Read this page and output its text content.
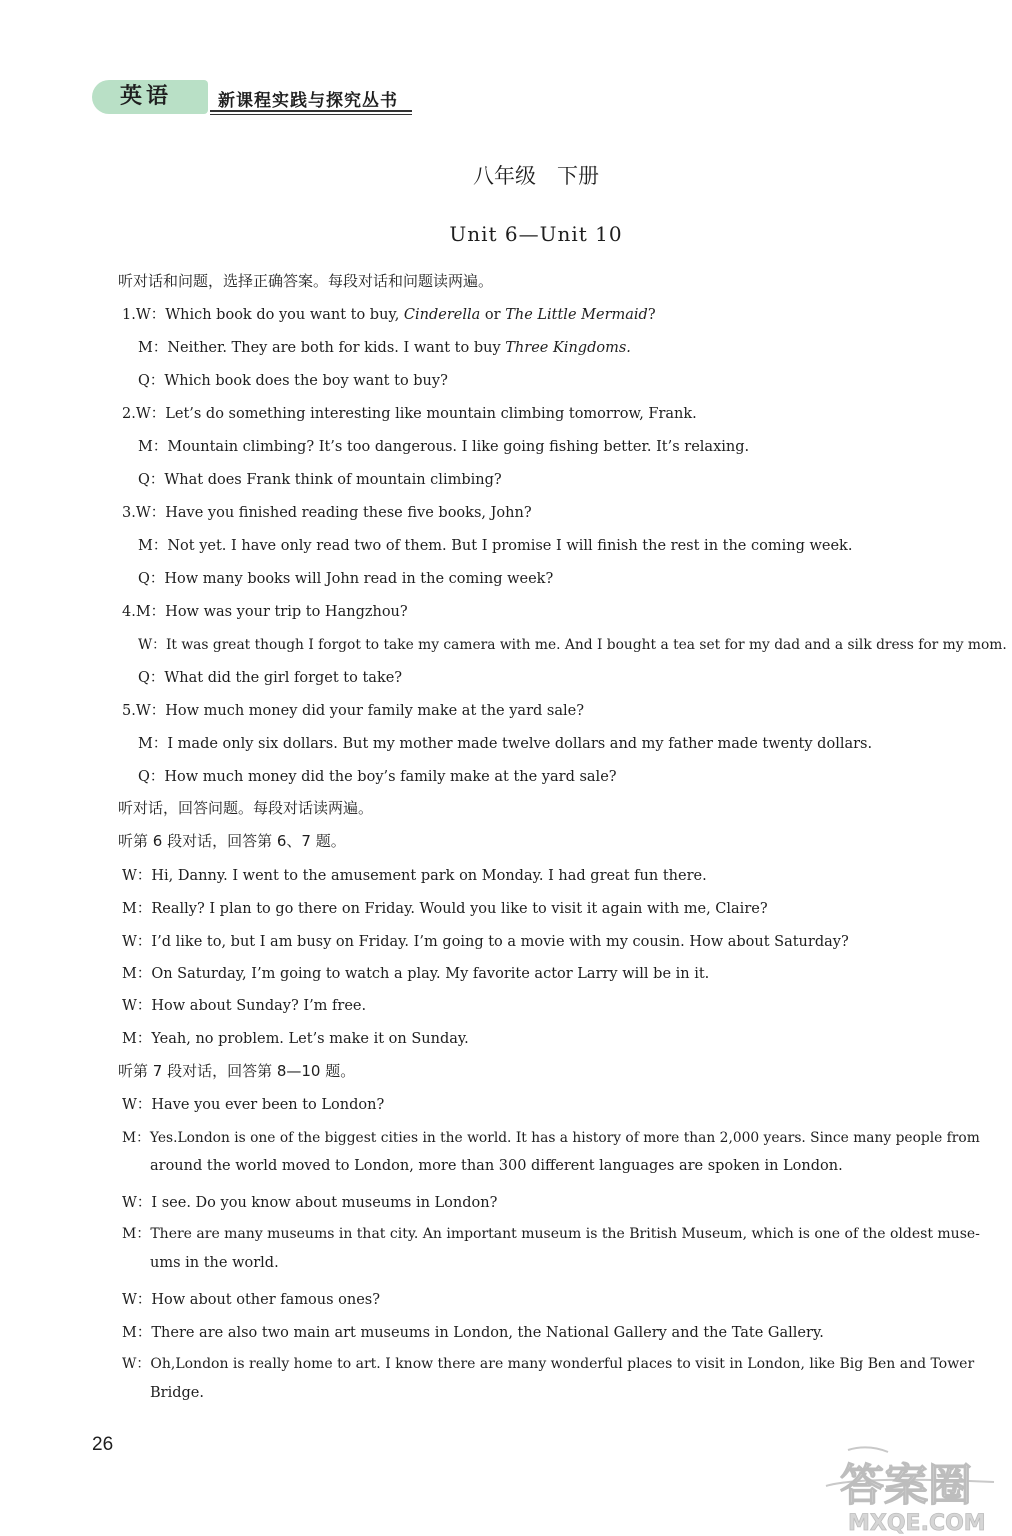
英语	新课程实践与探究丛书
八年级　下册
Unit 6—Unit 10
听对话和问题，选择正确答案。每段对话和问题读两遍。
1.W：Which book do you want to buy, Cinderella or The Little Mermaid?
M：Neither. They are both for kids. I want to buy Three Kingdoms.
Q：Which book does the boy want to buy?
2.W：Let’s do something interesting like mountain climbing tomorrow, Frank.
M：Mountain climbing? It’s too dangerous. I like going fishing better. It’s relaxing.
Q：What does Frank think of mountain climbing?
3.W：Have you finished reading these five books, John?
M：Not yet. I have only read two of them. But I promise I will finish the rest in the coming week.
Q：How many books will John read in the coming week?
4.M：How was your trip to Hangzhou?
W：It was great though I forgot to take my camera with me. And I bought a tea set for my dad and a silk dress for my mom.
Q：What did the girl forget to take?
5.W：How much money did your family make at the yard sale?
M：I made only six dollars. But my mother made twelve dollars and my father made twenty dollars.
Q：How much money did the boy’s family make at the yard sale?
听对话，回答问题。每段对话读两遍。
听第 6 段对话，回答第 6、7 题。
W：Hi, Danny. I went to the amusement park on Monday. I had great fun there.
M：Really? I plan to go there on Friday. Would you like to visit it again with me, Claire?
W：I’d like to, but I am busy on Friday. I’m going to a movie with my cousin. How about Saturday?
M：On Saturday, I’m going to watch a play. My favorite actor Larry will be in it.
W：How about Sunday? I’m free.
M：Yeah, no problem. Let’s make it on Sunday.
听第 7 段对话，回答第 8—10 题。
W：Have you ever been to London?
M：Yes.London is one of the biggest cities in the world. It has a history of more than 2,000 years. Since many people from
around the world moved to London, more than 300 different languages are spoken in London.
W：I see. Do you know about museums in London?
M：There are many museums in that city. An important museum is the British Museum, which is one of the oldest muse-
ums in the world.
W：How about other famous ones?
M：There are also two main art museums in London, the National Gallery and the Tate Gallery.
W：Oh,London is really home to art. I know there are many wonderful places to visit in London, like Big Ben and Tower
Bridge.
26
答案圈
MXQE.COM
